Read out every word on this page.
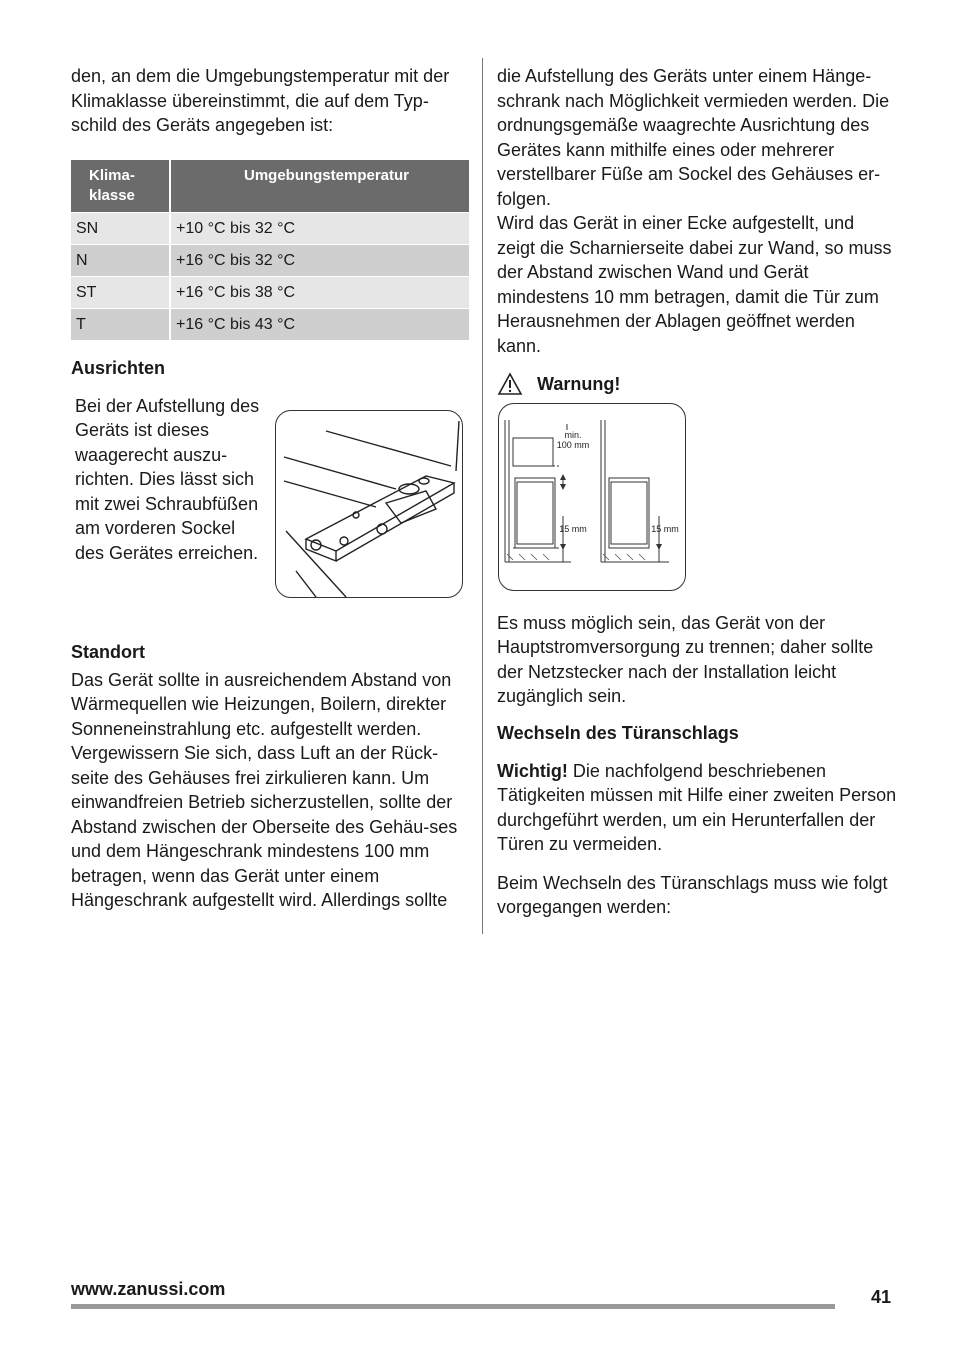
den, an dem die Umgebungstemperatur mit der Klimaklasse übereinstimmt, die auf dem Typ-schild des Geräts angegeben ist:

Klima-
klasse	Umgebungstemperatur
SN	+10 °C bis 32 °C
N	+16 °C bis 32 °C
ST	+16 °C bis 38 °C
T	+16 °C bis 43 °C
Ausrichten

Bei der Aufstellung des Geräts ist dieses waagerecht auszu-richten. Dies lässt sich mit zwei Schraubfüßen am vorderen Sockel des Gerätes erreichen.

Standort

Das Gerät sollte in ausreichendem Abstand von Wärmequellen wie Heizungen, Boilern, direkter Sonneneinstrahlung etc. aufgestellt werden. Vergewissern Sie sich, dass Luft an der Rück-seite des Gehäuses frei zirkulieren kann. Um einwandfreien Betrieb sicherzustellen, sollte der Abstand zwischen der Oberseite des Gehäu-ses und dem Hängeschrank mindestens 100 mm betragen, wenn das Gerät unter einem Hängeschrank aufgestellt wird. Allerdings sollte

die Aufstellung des Geräts unter einem Hänge-schrank nach Möglichkeit vermieden werden. Die ordnungsgemäße waagrechte Ausrichtung des Gerätes kann mithilfe eines oder mehrerer verstellbarer Füße am Sockel des Gehäuses er-folgen.

Wird das Gerät in einer Ecke aufgestellt, und zeigt die Scharnierseite dabei zur Wand, so muss der Abstand zwischen Wand und Gerät mindestens 10 mm betragen, damit die Tür zum Herausnehmen der Ablagen geöffnet werden kann.

Warnung!
min.
100 mm
15 mm	15 mm

Es muss möglich sein, das Gerät von der Hauptstromversorgung zu trennen; daher sollte der Netzstecker nach der Installation leicht zugänglich sein.

Wechseln des Türanschlags

Wichtig! Die nachfolgend beschriebenen Tätigkeiten müssen mit Hilfe einer zweiten Person durchgeführt werden, um ein Herunterfallen der Türen zu vermeiden.

Beim Wechseln des Türanschlags muss wie folgt vorgegangen werden:

www.zanussi.com	41
